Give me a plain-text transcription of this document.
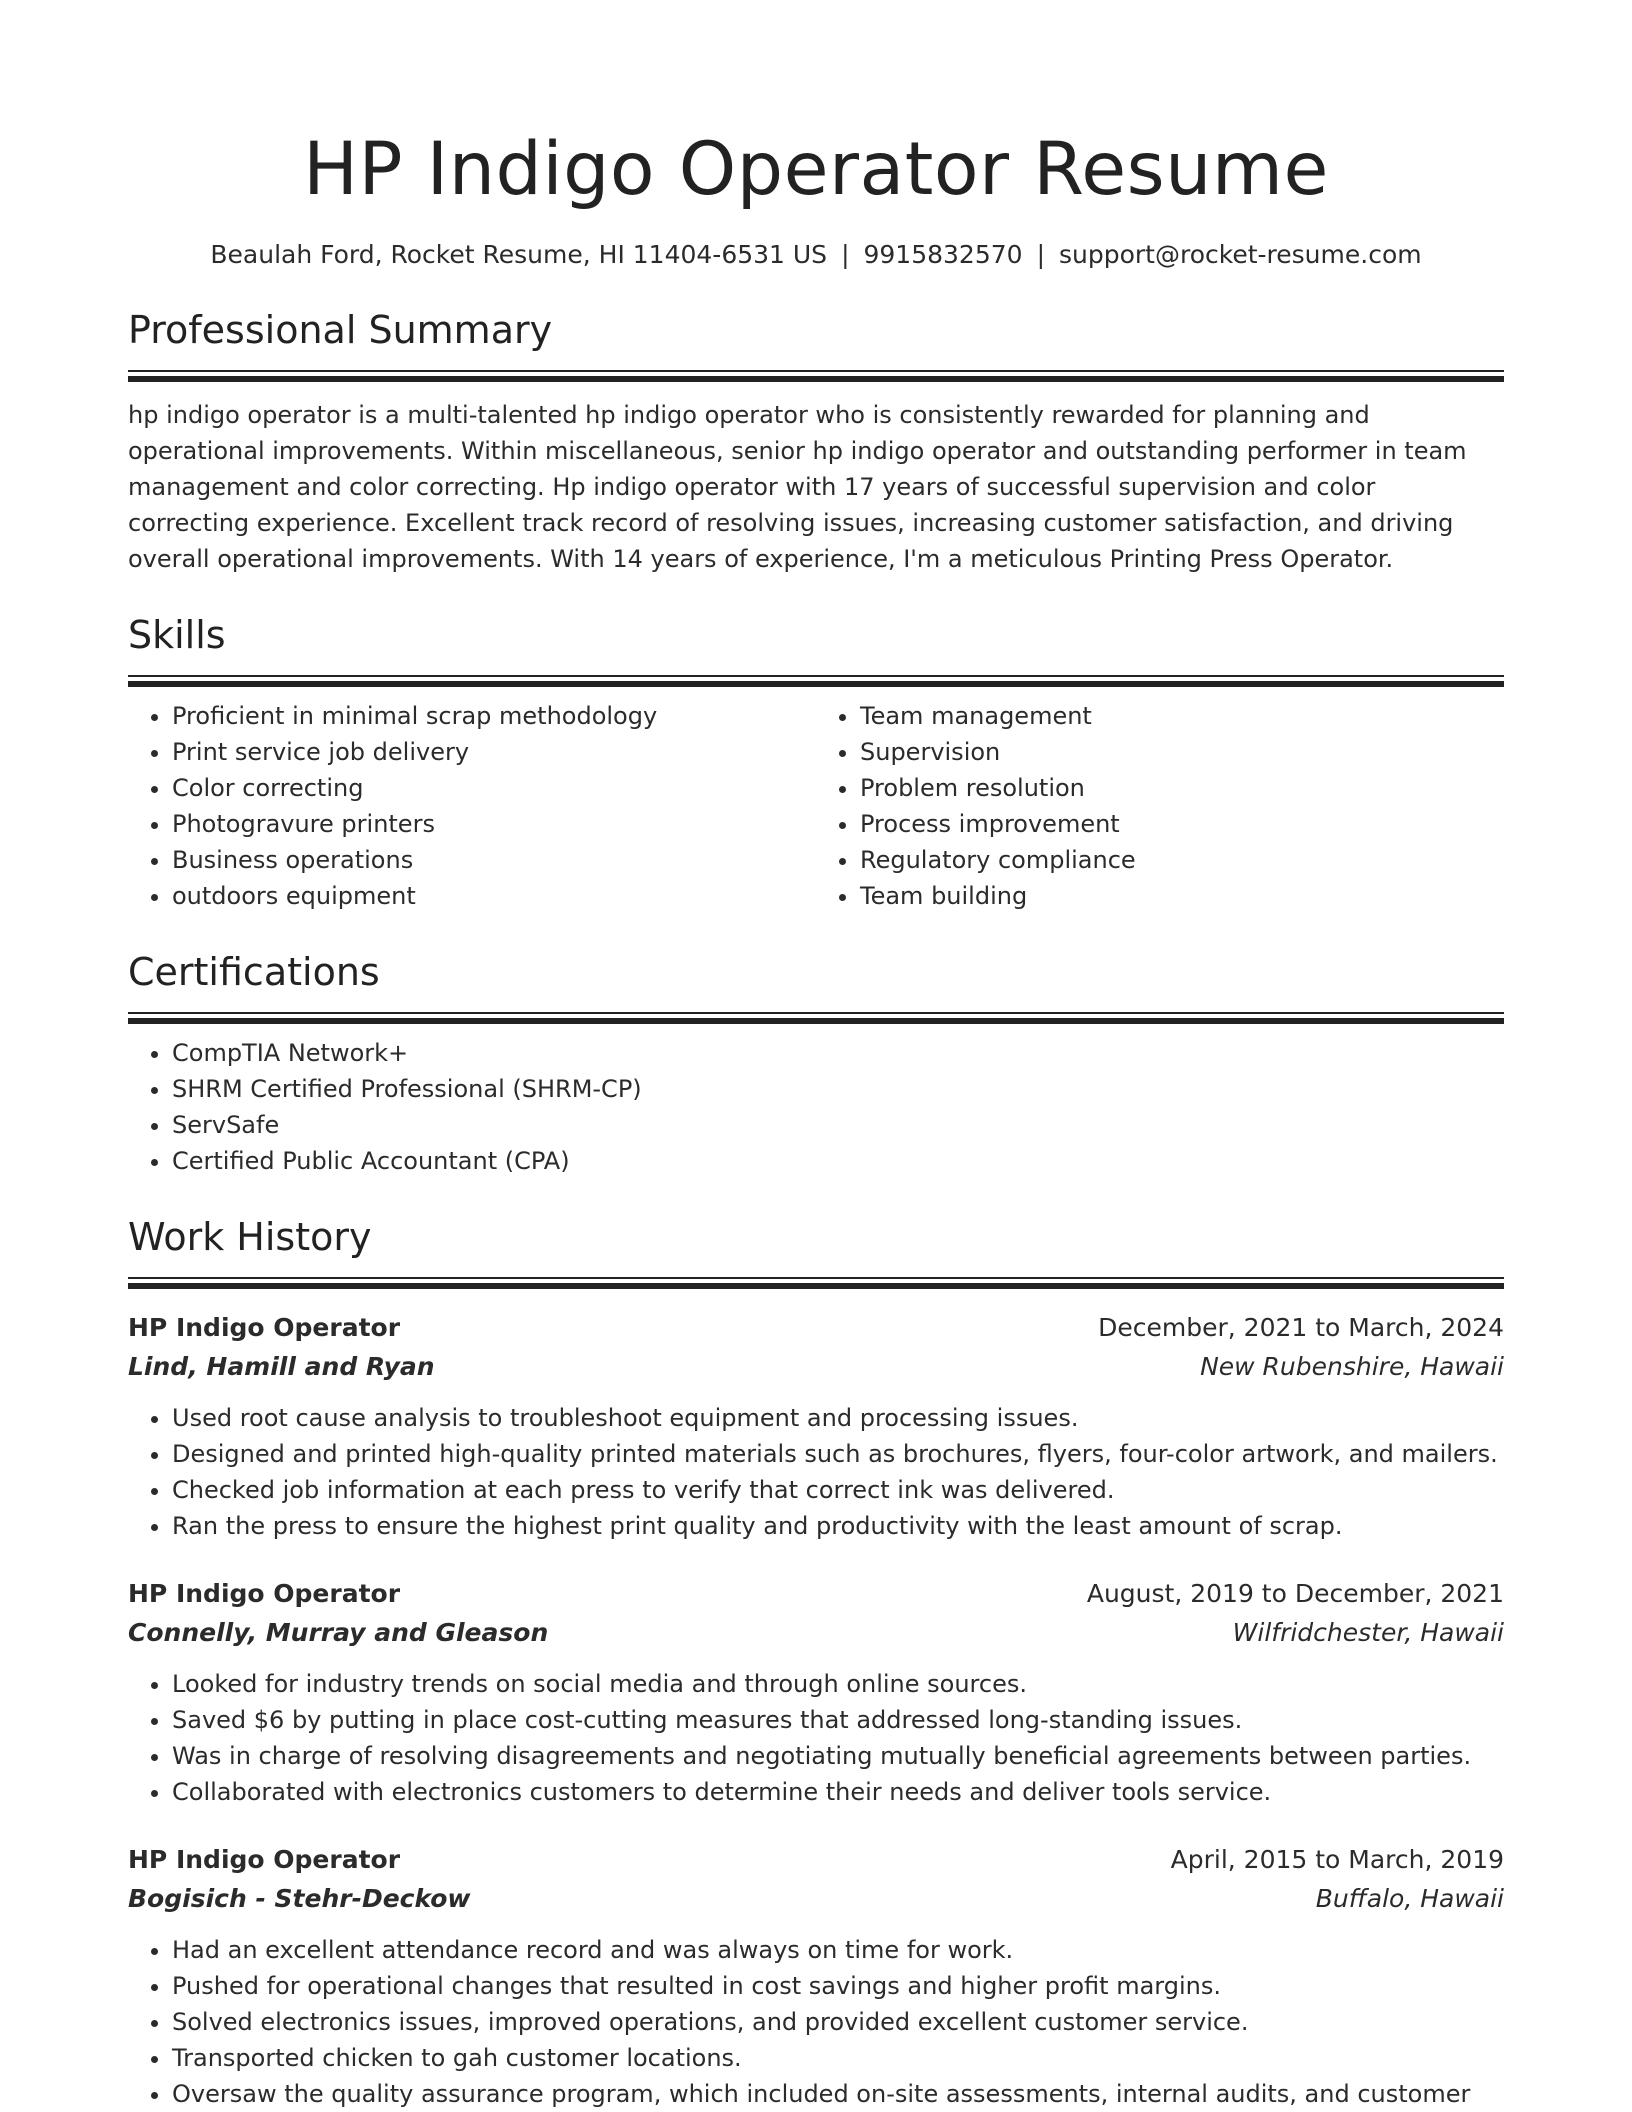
HP Indigo Operator Resume
Beaulah Ford, Rocket Resume, HI 11404-6531 US | 9915832570 | support@rocket-resume.com
Professional Summary

hp indigo operator is a multi-talented hp indigo operator who is consistently rewarded for planning and operational improvements. Within miscellaneous, senior hp indigo operator and outstanding performer in team management and color correcting. Hp indigo operator with 17 years of successful supervision and color correcting experience. Excellent track record of resolving issues, increasing customer satisfaction, and driving overall operational improvements. With 14 years of experience, I'm a meticulous Printing Press Operator.

Skills
• Proficient in minimal scrap methodology
• Print service job delivery
• Color correcting
• Photogravure printers
• Business operations
• outdoors equipment
• Team management
• Supervision
• Problem resolution
• Process improvement
• Regulatory compliance
• Team building
Certifications
• CompTIA Network+
• SHRM Certified Professional (SHRM-CP)
• ServSafe
• Certified Public Accountant (CPA)
Work History
HP Indigo Operator	December, 2021 to March, 2024
Lind, Hamill and Ryan	New Rubenshire, Hawaii
• Used root cause analysis to troubleshoot equipment and processing issues.
• Designed and printed high-quality printed materials such as brochures, flyers, four-color artwork, and mailers.
• Checked job information at each press to verify that correct ink was delivered.
• Ran the press to ensure the highest print quality and productivity with the least amount of scrap.
HP Indigo Operator	August, 2019 to December, 2021
Connelly, Murray and Gleason	Wilfridchester, Hawaii
• Looked for industry trends on social media and through online sources.
• Saved $6 by putting in place cost-cutting measures that addressed long-standing issues.
• Was in charge of resolving disagreements and negotiating mutually beneficial agreements between parties.
• Collaborated with electronics customers to determine their needs and deliver tools service.
HP Indigo Operator	April, 2015 to March, 2019
Bogisich - Stehr-Deckow	Buffalo, Hawaii
• Had an excellent attendance record and was always on time for work.
• Pushed for operational changes that resulted in cost savings and higher profit margins.
• Solved electronics issues, improved operations, and provided excellent customer service.
• Transported chicken to gah customer locations.
• Oversaw the quality assurance program, which included on-site assessments, internal audits, and customer
